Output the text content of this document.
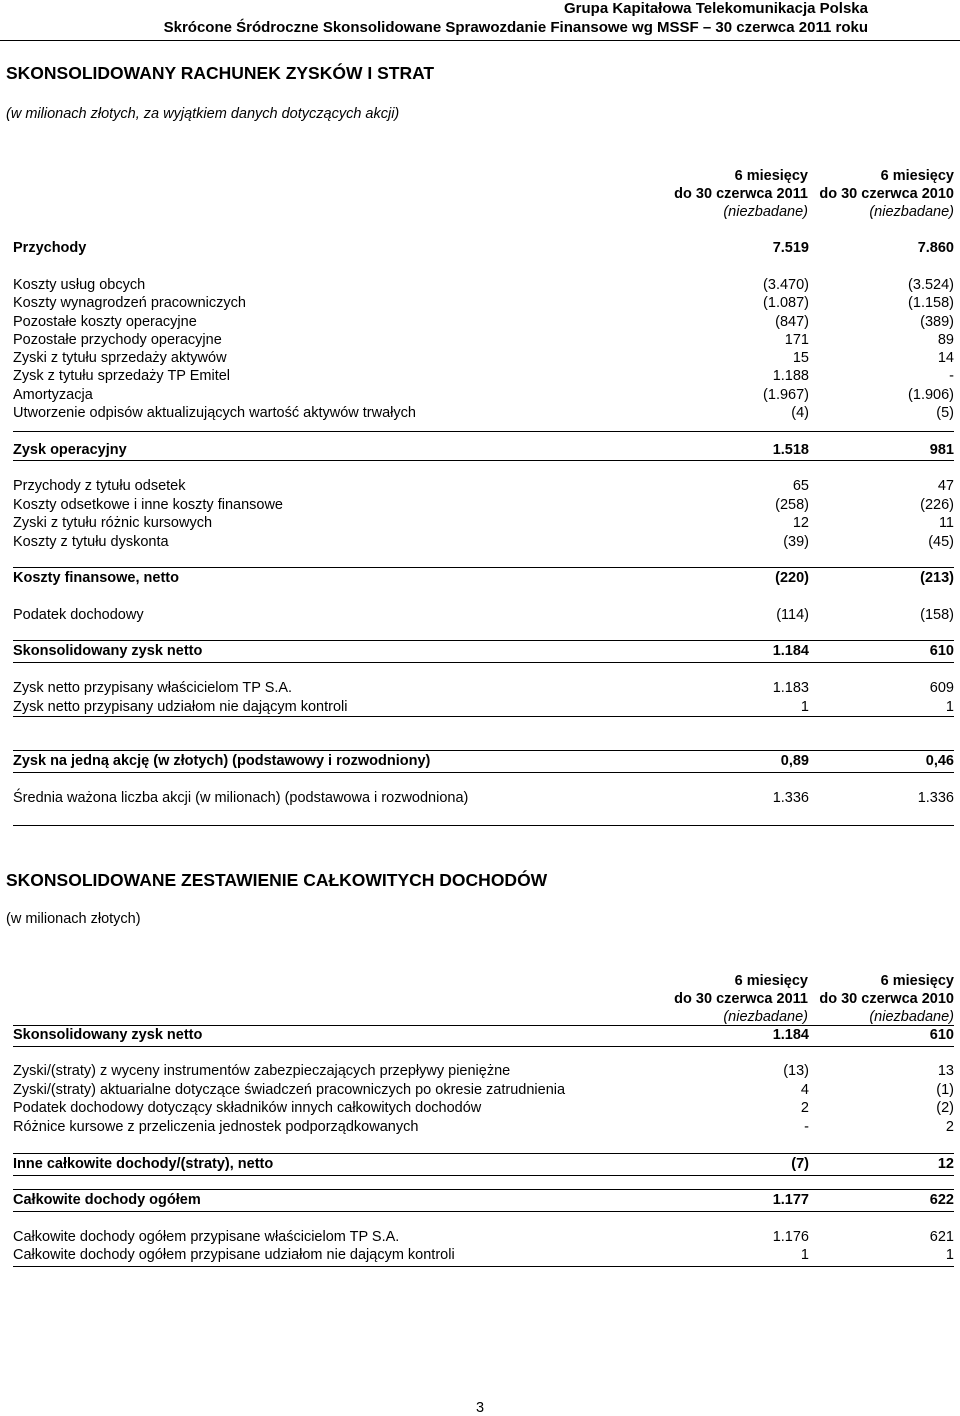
Grupa Kapitałowa Telekomunikacja Polska
Skrócone Śródroczne Skonsolidowane Sprawozdanie Finansowe wg MSSF – 30 czerwca 2011 roku
SKONSOLIDOWANY RACHUNEK ZYSKÓW I STRAT
(w milionach złotych, za wyjątkiem danych dotyczących akcji)
6 miesięcy
do 30 czerwca 2011
(niezbadane)
6 miesięcy
do 30 czerwca 2010
(niezbadane)
Przychody	7.519	7.860
Koszty usług obcych	(3.470)	(3.524)
Koszty wynagrodzeń pracowniczych	(1.087)	(1.158)
Pozostałe koszty operacyjne	(847)	(389)
Pozostałe przychody operacyjne	171	89
Zyski z tytułu sprzedaży aktywów	15	14
Zysk z tytułu sprzedaży TP Emitel	1.188	-
Amortyzacja	(1.967)	(1.906)
Utworzenie odpisów aktualizujących wartość aktywów trwałych	(4)	(5)
Zysk operacyjny	1.518	981
Przychody z tytułu odsetek	65	47
Koszty odsetkowe i inne koszty finansowe	(258)	(226)
Zyski z tytułu różnic kursowych	12	11
Koszty z tytułu dyskonta	(39)	(45)
Koszty finansowe, netto	(220)	(213)
Podatek dochodowy	(114)	(158)
Skonsolidowany zysk netto	1.184	610
Zysk netto przypisany właścicielom TP S.A.	1.183	609
Zysk netto przypisany udziałom nie dającym kontroli	1	1
Zysk na jedną akcję (w złotych) (podstawowy i rozwodniony)	0,89	0,46
Średnia ważona liczba akcji (w milionach) (podstawowa i rozwodniona)	1.336	1.336
SKONSOLIDOWANE ZESTAWIENIE CAŁKOWITYCH DOCHODÓW
(w milionach złotych)
6 miesięcy
do 30 czerwca 2011
(niezbadane)
6 miesięcy
do 30 czerwca 2010
(niezbadane)
Skonsolidowany zysk netto	1.184	610
Zyski/(straty) z wyceny instrumentów zabezpieczających przepływy pieniężne	(13)	13
Zyski/(straty) aktuarialne dotyczące świadczeń pracowniczych po okresie zatrudnienia	4	(1)
Podatek dochodowy dotyczący składników innych całkowitych dochodów	2	(2)
Różnice kursowe z przeliczenia jednostek podporządkowanych	-	2
Inne całkowite dochody/(straty), netto	(7)	12
Całkowite dochody ogółem	1.177	622
Całkowite dochody ogółem przypisane właścicielom TP S.A.	1.176	621
Całkowite dochody ogółem przypisane udziałom nie dającym kontroli	1	1
3
